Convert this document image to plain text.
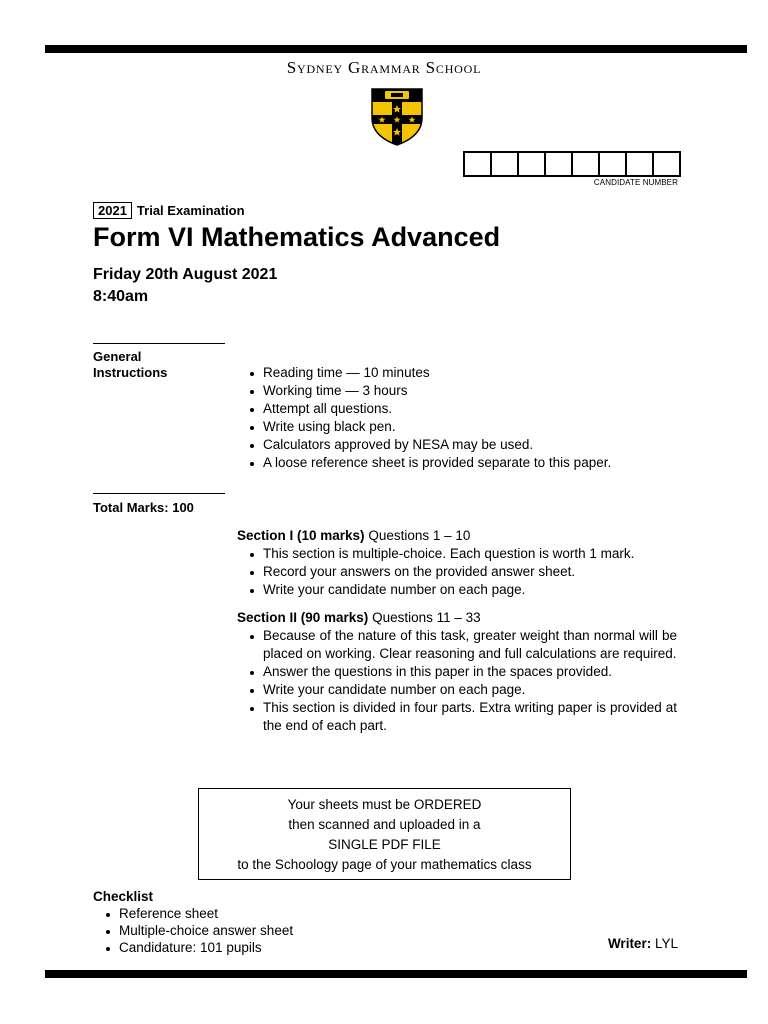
Sydney Grammar School
CANDIDATE NUMBER
2021 Trial Examination
Form VI Mathematics Advanced
Friday 20th August 2021
8:40am
General
Instructions	Reading time — 10 minutes
Working time — 3 hours
Attempt all questions.
Write using black pen.
Calculators approved by NESA may be used.
A loose reference sheet is provided separate to this paper.
Total Marks: 100
Section I (10 marks) Questions 1 – 10
This section is multiple-choice. Each question is worth 1 mark.
Record your answers on the provided answer sheet.
Write your candidate number on each page.
Section II (90 marks) Questions 11 – 33
Because of the nature of this task, greater weight than normal will be placed on working. Clear reasoning and full calculations are required.
Answer the questions in this paper in the spaces provided.
Write your candidate number on each page.
This section is divided in four parts. Extra writing paper is provided at the end of each part.
Your sheets must be ORDERED
then scanned and uploaded in a
SINGLE PDF FILE
to the Schoology page of your mathematics class
Checklist
Reference sheet
Multiple-choice answer sheet
Candidature: 101 pupils	Writer: LYL
